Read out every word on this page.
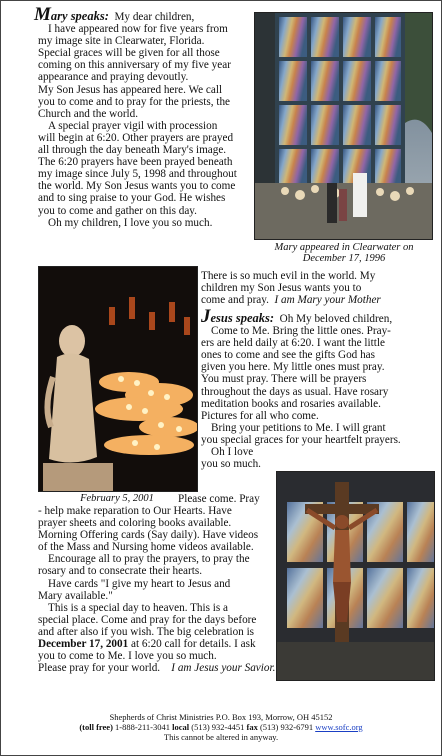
Mary speaks: My dear children,

I have appeared now for five years from

my image site in Clearwater, Florida.

Special graces will be given for all those

coming on this anniversary of my five year

appearance and praying devoutly.

My Son Jesus has appeared here. We call

you to come and to pray for the priests, the

Church and the world.

A special prayer vigil with procession

will begin at 6:20. Other prayers are prayed

all through the day beneath Mary's image.

The 6:20 prayers have been prayed beneath

my image since July 5, 1998 and throughout

the world. My Son Jesus wants you to come

and to sing praise to your God. He wishes

you to come and gather on this day.

Oh my children, I love you so much.

Mary appeared in Clearwater on
December 17, 1996
February 5, 2001

There is so much evil in the world. My

children my Son Jesus wants you to

come and pray. I am Mary your Mother

Jesus speaks: Oh My beloved children,

Come to Me. Bring the little ones. Pray-

ers are held daily at 6:20. I want the little

ones to come and see the gifts God has

given you here. My little ones must pray.

You must pray. There will be prayers

throughout the days as usual. Have rosary

meditation books and rosaries available.

Pictures for all who come.

Bring your petitions to Me. I will grant

you special graces for your heartfelt prayers.

Oh I love

you so much.

Please come. Pray

- help make reparation to Our Hearts. Have

prayer sheets and coloring books available.

Morning Offering cards (Say daily). Have videos

of the Mass and Nursing home videos available.

Encourage all to pray the prayers, to pray the

rosary and to consecrate their hearts.

Have cards "I give my heart to Jesus and

Mary available."

This is a special day to heaven. This is a

special place. Come and pray for the days before

and after also if you wish. The big celebration is

December 17, 2001 at 6:20 call for details. I ask

you to come to Me. I love you so much.

Please pray for your world. I am Jesus your Savior.

Shepherds of Christ Ministries P.O. Box 193, Morrow, OH 45152
(toll free) 1-888-211-3041 local (513) 932-4451 fax (513) 932-6791 www.sofc.org
This cannot be altered in anyway.
